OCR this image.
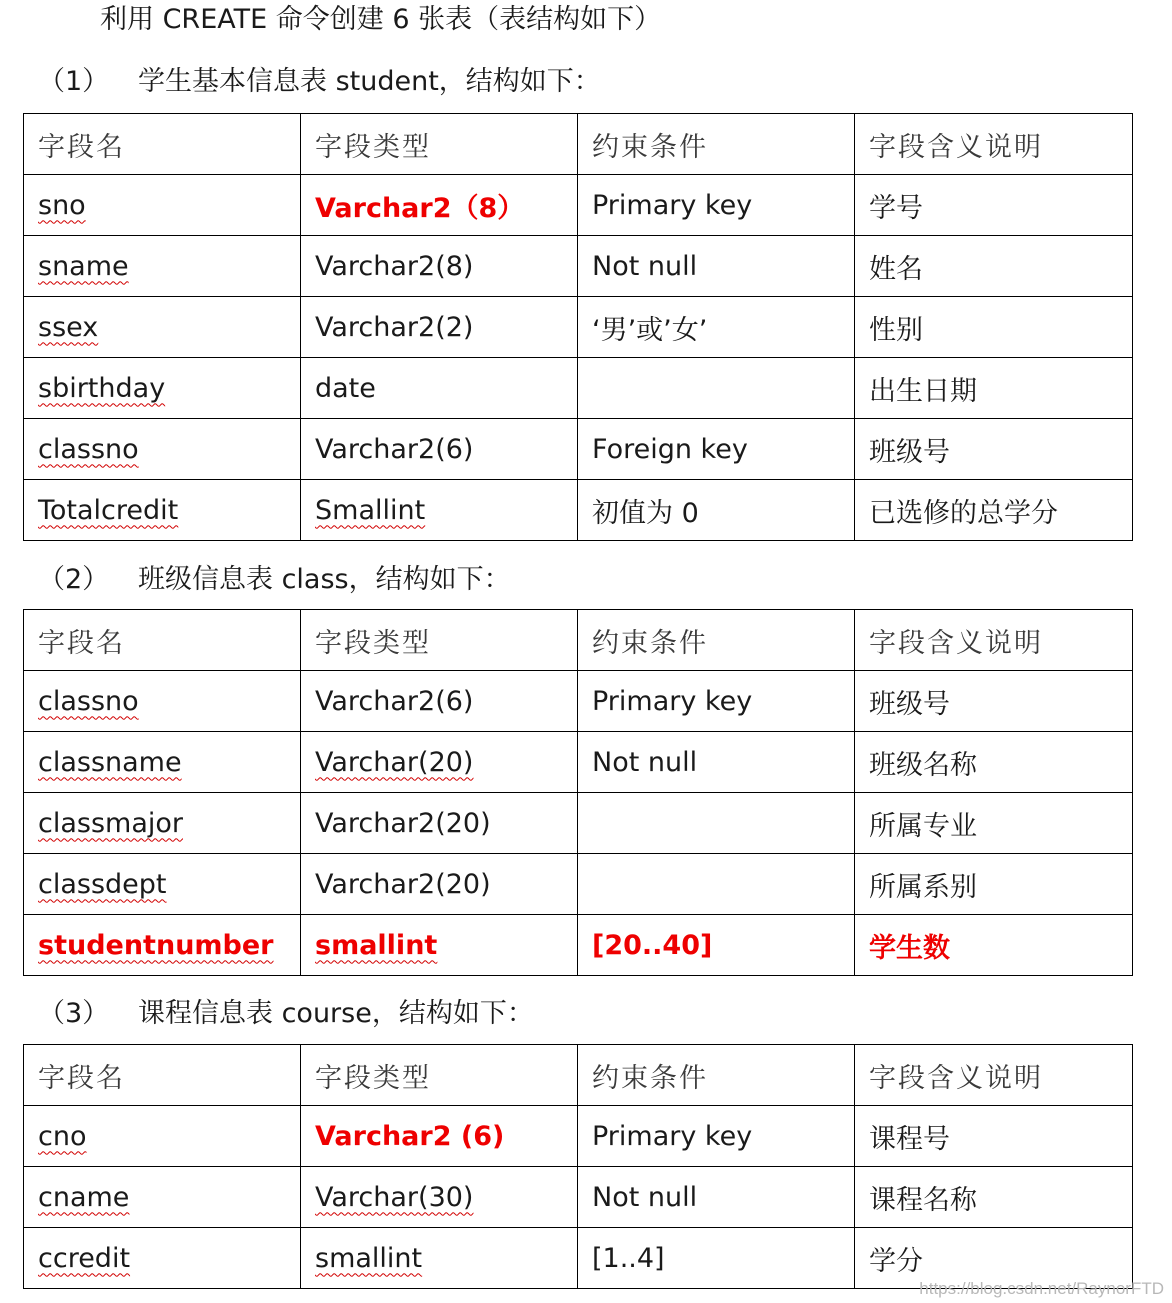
利用 CREATE 命令创建 6 张表（表结构如下）
（1） 学生基本信息表 student，结构如下：
字段名	字段类型	约束条件	字段含义说明
sno	Varchar2（8）	Primary key	学号
sname	Varchar2(8)	Not null	姓名
ssex	Varchar2(2)	‘男’或’女’	性别
sbirthday	date		出生日期
classno	Varchar2(6)	Foreign key	班级号
Totalcredit	Smallint	初值为 0	已选修的总学分
（2） 班级信息表 class，结构如下：
字段名	字段类型	约束条件	字段含义说明
classno	Varchar2(6)	Primary key	班级号
classname	Varchar(20)	Not null	班级名称
classmajor	Varchar2(20)		所属专业
classdept	Varchar2(20)		所属系别
studentnumber	smallint	[20..40]	学生数
（3） 课程信息表 course，结构如下：
字段名	字段类型	约束条件	字段含义说明
cno	Varchar2 (6)	Primary key	课程号
cname	Varchar(30)	Not null	课程名称
ccredit	smallint	[1..4]	学分
https://blog.csdn.net/RaynorFTD
